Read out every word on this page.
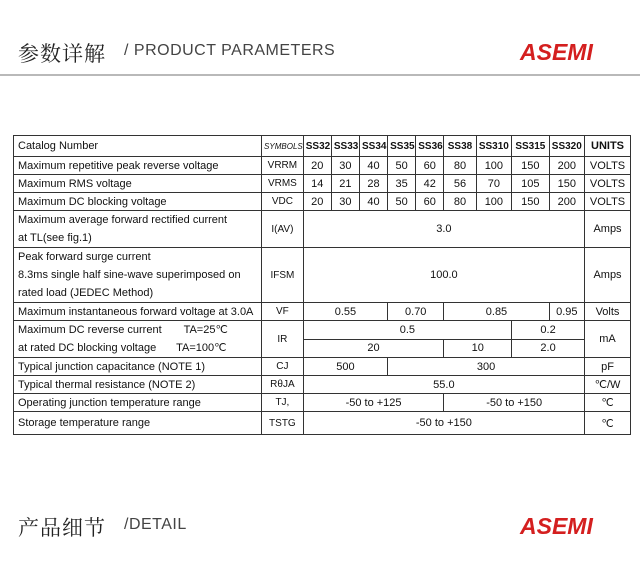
参数详解 / PRODUCT PARAMETERS	ASEMI
Catalog Number	SYMBOLS	SS32	SS33	SS34	SS35	SS36	SS38	SS310	SS315	SS320	UNITS
Maximum repetitive peak reverse voltage	VRRM	20	30	40	50	60	80	100	150	200	VOLTS
Maximum RMS voltage	VRMS	14	21	28	35	42	56	70	105	150	VOLTS
Maximum DC blocking voltage	VDC	20	30	40	50	60	80	100	150	200	VOLTS

Maximum average forward rectified current
at TL(see fig.1)	I(AV)	3.0									Amps

Peak forward surge current
8.3ms single half sine-wave superimposed on
rated load (JEDEC Method)	IFSM	100.0									Amps
Maximum instantaneous forward voltage at 3.0A	VF	0.55			0.70		0.85			0.95	Volts

Maximum DC reverse current TA=25℃
at rated DC blocking voltage TA=100℃	IR	0.5							0.2		mA
		20					10		2.0		
Typical junction capacitance (NOTE 1)	CJ	500			300						pF
Typical thermal resistance (NOTE 2)	RθJA	55.0									℃/W
Operating junction temperature range	TJ,	-50 to +125					-50 to +150				℃
Storage temperature range	TSTG	-50 to +150									℃
产品细节 /DETAIL	ASEMI
